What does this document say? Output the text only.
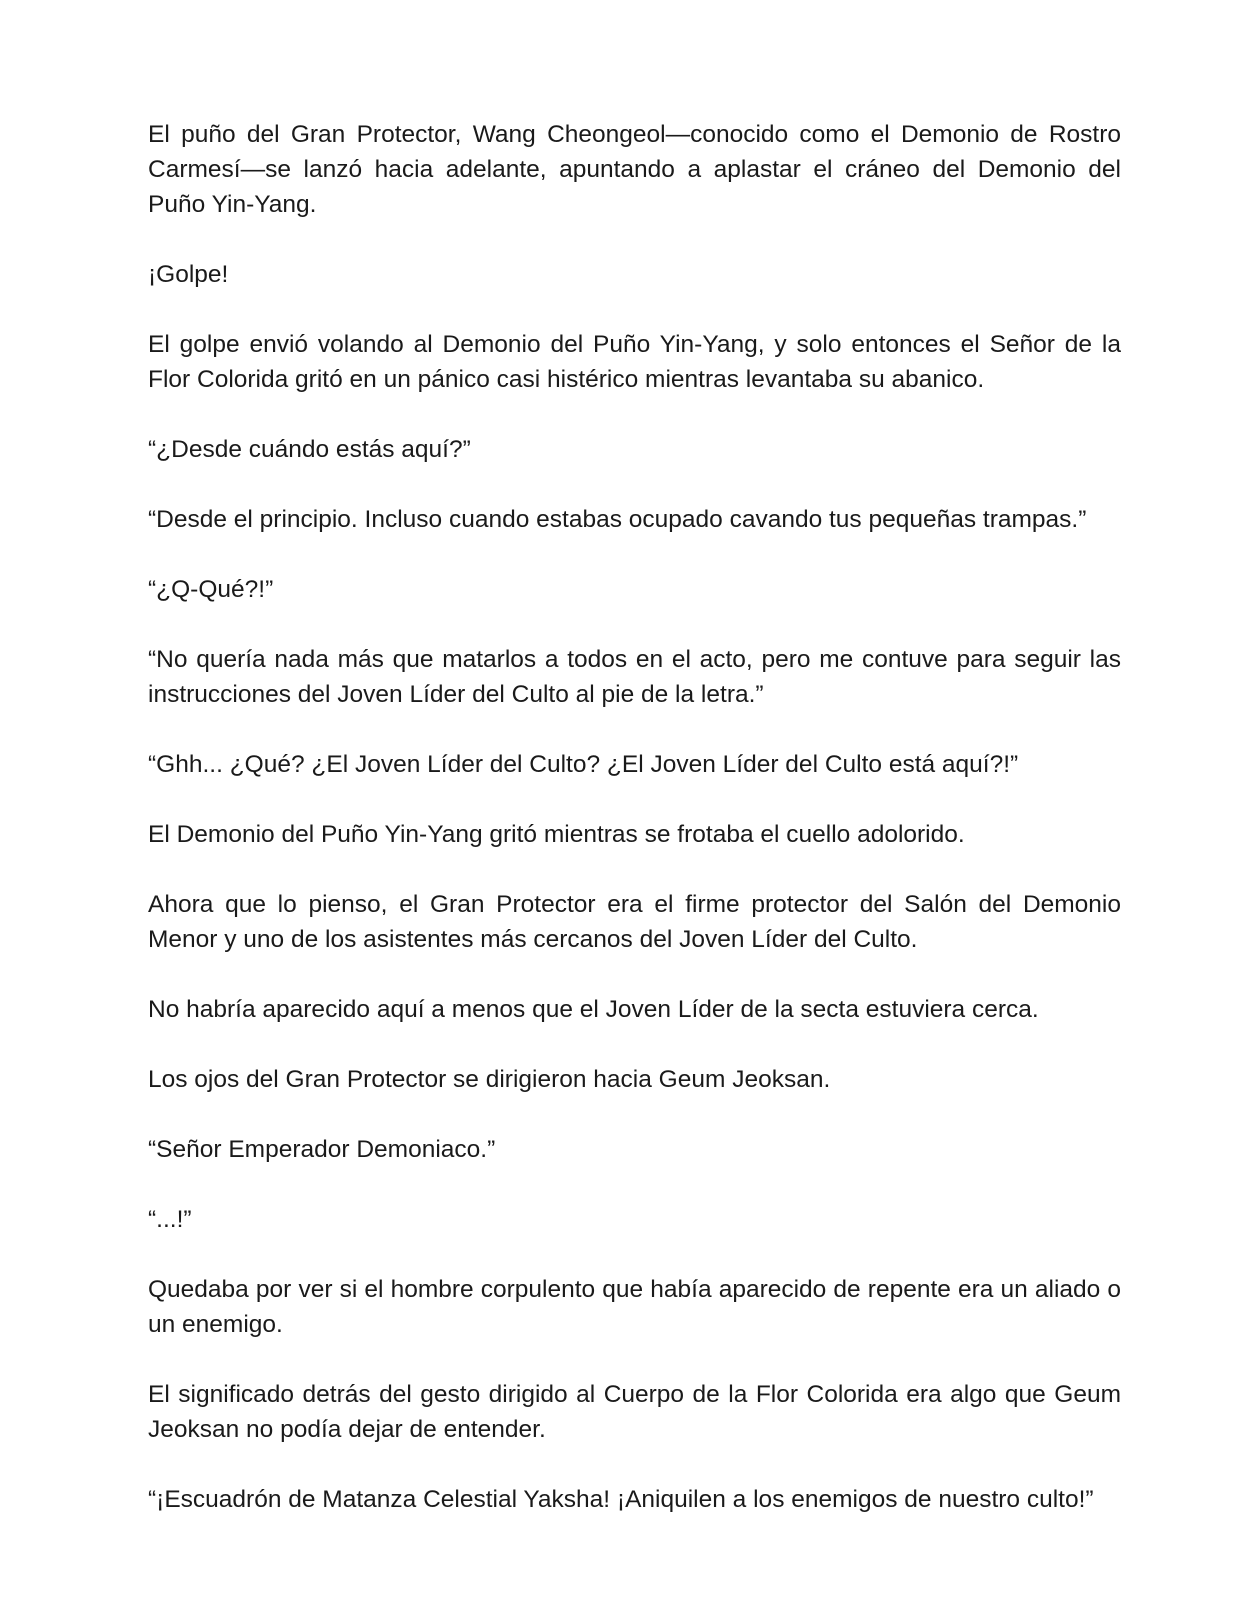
El puño del Gran Protector, Wang Cheongeol—conocido como el Demonio de Rostro Carmesí—se lanzó hacia adelante, apuntando a aplastar el cráneo del Demonio del Puño Yin-Yang.

¡Golpe!

El golpe envió volando al Demonio del Puño Yin-Yang, y solo entonces el Señor de la Flor Colorida gritó en un pánico casi histérico mientras levantaba su abanico.

“¿Desde cuándo estás aquí?”

“Desde el principio. Incluso cuando estabas ocupado cavando tus pequeñas trampas.”

“¿Q-Qué?!”

“No quería nada más que matarlos a todos en el acto, pero me contuve para seguir las instrucciones del Joven Líder del Culto al pie de la letra.”

“Ghh... ¿Qué? ¿El Joven Líder del Culto? ¿El Joven Líder del Culto está aquí?!”

El Demonio del Puño Yin-Yang gritó mientras se frotaba el cuello adolorido.

Ahora que lo pienso, el Gran Protector era el firme protector del Salón del Demonio Menor y uno de los asistentes más cercanos del Joven Líder del Culto.

No habría aparecido aquí a menos que el Joven Líder de la secta estuviera cerca.

Los ojos del Gran Protector se dirigieron hacia Geum Jeoksan.

“Señor Emperador Demoniaco.”

“...!”

Quedaba por ver si el hombre corpulento que había aparecido de repente era un aliado o un enemigo.

El significado detrás del gesto dirigido al Cuerpo de la Flor Colorida era algo que Geum Jeoksan no podía dejar de entender.

“¡Escuadrón de Matanza Celestial Yaksha! ¡Aniquilen a los enemigos de nuestro culto!”
